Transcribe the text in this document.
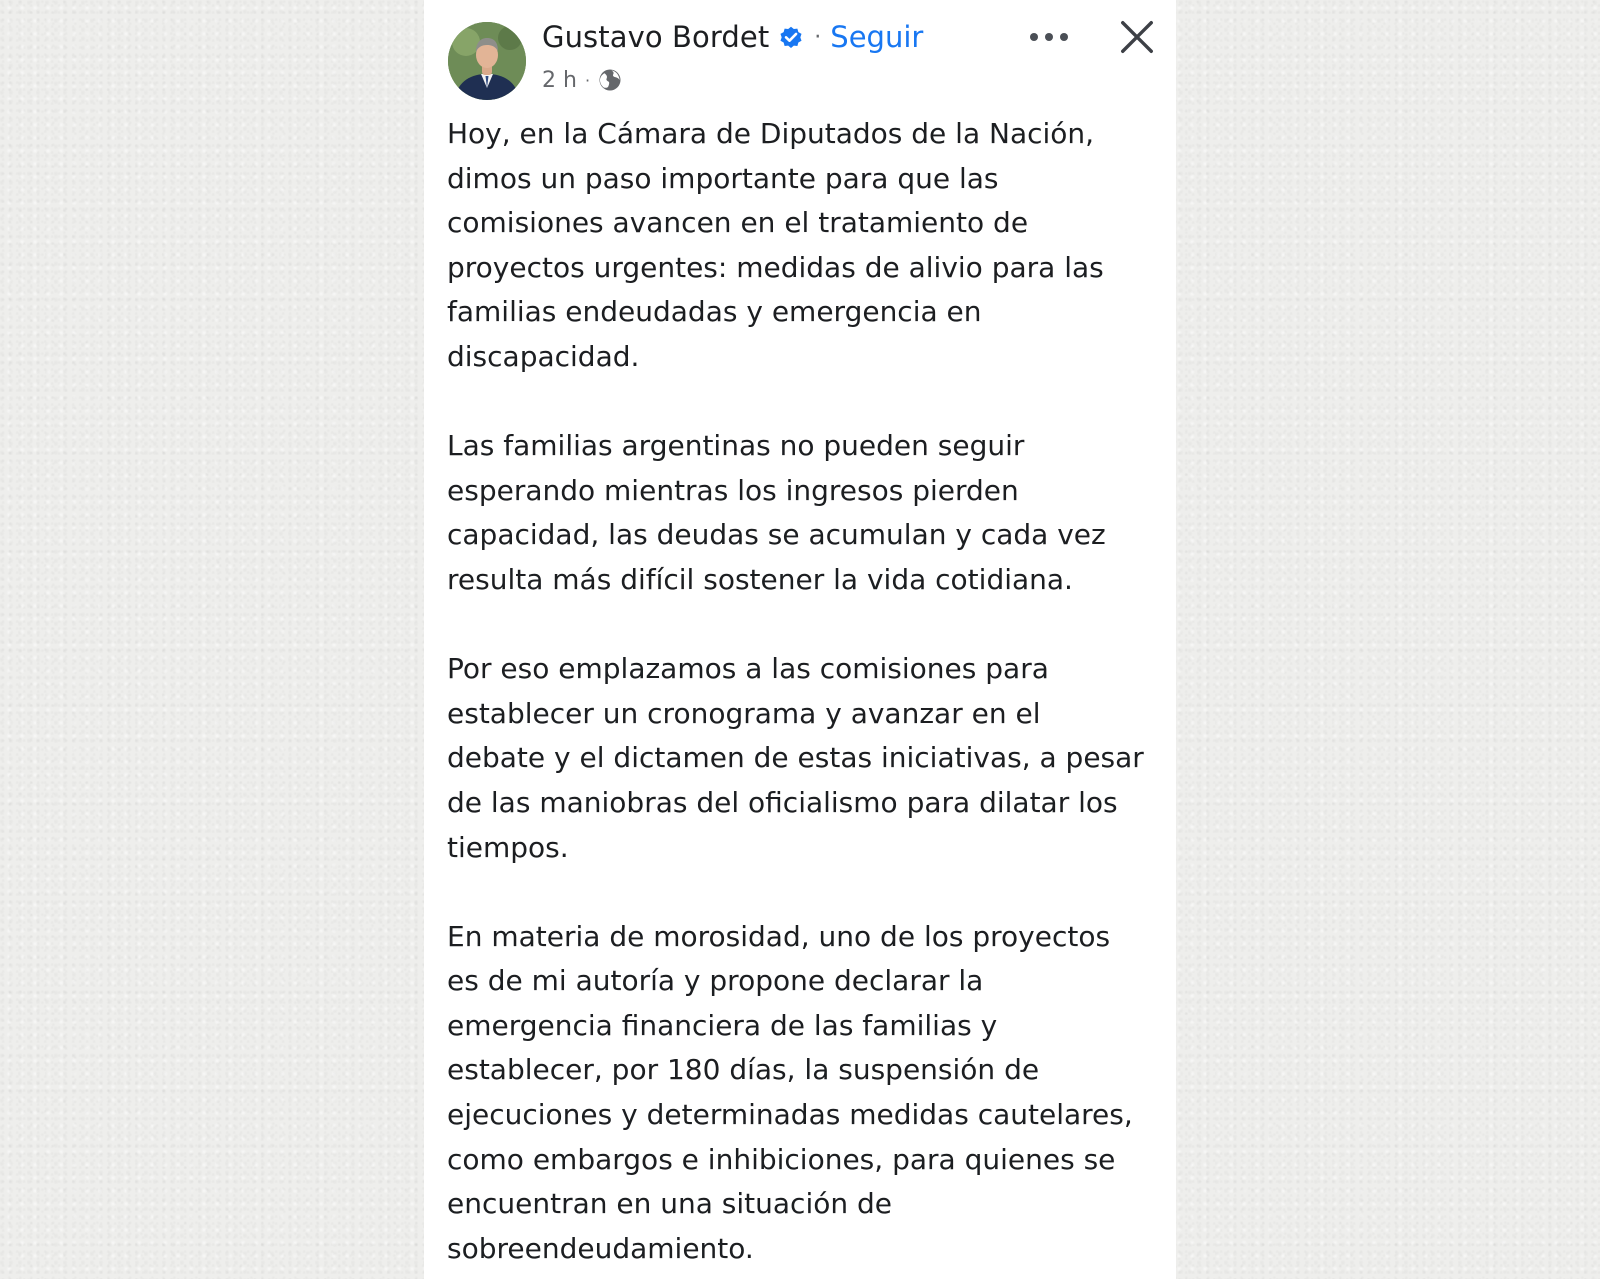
Gustavo Bordet · Seguir
2 h ·

Hoy, en la Cámara de Diputados de la Nación,
dimos un paso importante para que las
comisiones avancen en el tratamiento de
proyectos urgentes: medidas de alivio para las
familias endeudadas y emergencia en
discapacidad.

Las familias argentinas no pueden seguir
esperando mientras los ingresos pierden
capacidad, las deudas se acumulan y cada vez
resulta más difícil sostener la vida cotidiana.

Por eso emplazamos a las comisiones para
establecer un cronograma y avanzar en el
debate y el dictamen de estas iniciativas, a pesar
de las maniobras del oficialismo para dilatar los
tiempos.

En materia de morosidad, uno de los proyectos
es de mi autoría y propone declarar la
emergencia financiera de las familias y
establecer, por 180 días, la suspensión de
ejecuciones y determinadas medidas cautelares,
como embargos e inhibiciones, para quienes se
encuentran en una situación de
sobreendeudamiento.
